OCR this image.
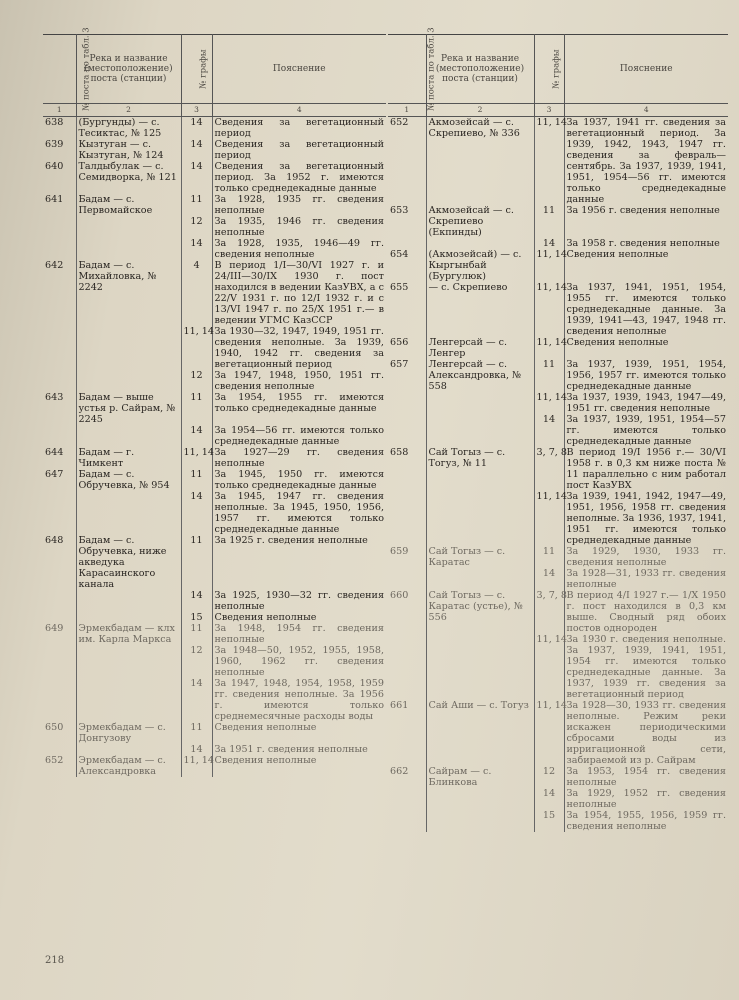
№ поста по табл. 3	Река и название (местоположение) поста (станции)	№ графы	Пояснение
1	2	3	4
638	(Бургунды) — с. Тесиктас, № 125	14	Сведения за вегетационный период
639	Кызтуган — с. Кызтуган, № 124	14	Сведения за вегетационный период
640	Талдыбулак — с. Семидворка, № 121	14	Сведения за вегетационный период. За 1952 г. имеются только среднедекадные данные
641	Бадам — с. Первомайское	11	За 1928, 1935 гг. сведения неполные
		12	За 1935, 1946 гг. сведения неполные
		14	За 1928, 1935, 1946—49 гг. сведения неполные
642	Бадам — с. Михайловка, № 2242	4	В период 1/I—30/VI 1927 г. и 24/III—30/IX 1930 г. пост находился в ведении КазУВХ, а с 22/V 1931 г. по 12/I 1932 г. и с 13/VI 1947 г. по 25/X 1951 г.— в ведении УГМС КазССР
		11, 14	За 1930—32, 1947, 1949, 1951 гг. сведения неполные. За 1939, 1940, 1942 гг. сведения за вегетационный период
		12	За 1947, 1948, 1950, 1951 гг. сведения неполные
643	Бадам — выше устья р. Сайрам, № 2245	11	За 1954, 1955 гг. имеются только среднедекадные данные
		14	За 1954—56 гг. имеются только среднедекадные данные
644	Бадам — г. Чимкент	11, 14	За 1927—29 гг. сведения неполные
647	Бадам — с. Обручевка, № 954	11	За 1945, 1950 гг. имеются только среднедекадные данные
		14	За 1945, 1947 гг. сведения неполные. За 1945, 1950, 1956, 1957 гг. имеются только среднедекадные данные
648	Бадам — с. Обручевка, ниже акведука Карасаинского канала	11	За 1925 г. сведения неполные
		14	За 1925, 1930—32 гг. сведения неполные
		15	Сведения неполные
649	Эрмекбадам — клх им. Карла Маркса	11	За 1948, 1954 гг. сведения неполные
		12	За 1948—50, 1952, 1955, 1958, 1960, 1962 гг. сведения неполные
		14	За 1947, 1948, 1954, 1958, 1959 гг. сведения неполные. За 1956 г. имеются только среднемесячные расходы воды
650	Эрмекбадам — с. Донгузову	11	Сведения неполные
		14	За 1951 г. сведения неполные
652	Эрмекбадам — с. Александровка	11, 14	Сведения неполные
№ поста по табл. 3	Река и название (местоположение) поста (станции)	№ графы	Пояснение
1	2	3	4
652	Акмозейсай — с. Скрепиево, № 336	11, 14	За 1937, 1941 гг. сведения за вегетационный период. За 1939, 1942, 1943, 1947 гг. сведения за февраль—сентябрь. За 1937, 1939, 1941, 1951, 1954—56 гг. имеются только среднедекадные данные
653	Акмозейсай — с. Скрепиево (Екпинды)	11	За 1956 г. сведения неполные
		14	За 1958 г. сведения неполные
654	(Акмозейсай) — с. Кыргынбай (Бургулюк)	11, 14	Сведения неполные
655	— с. Скрепиево	11, 14	За 1937, 1941, 1951, 1954, 1955 гг. имеются только среднедекадные данные. За 1939, 1941—43, 1947, 1948 гг. сведения неполные
656	Ленгерсай — с. Ленгер	11, 14	Сведения неполные
657	Ленгерсай — с. Александровка, № 558	11	За 1937, 1939, 1951, 1954, 1956, 1957 гг. имеются только среднедекадные данные
		11, 14	За 1937, 1939, 1943, 1947—49, 1951 гг. сведения неполные
		14	За 1937, 1939, 1951, 1954—57 гг. имеются только среднедекадные данные
658	Сай Тогыз — с. Тогуз, № 11	3, 7, 8	В период 19/I 1956 г.— 30/VI 1958 г. в 0,3 км ниже поста № 11 параллельно с ним работал пост КазУВХ
		11, 14	За 1939, 1941, 1942, 1947—49, 1951, 1956, 1958 гг. сведения неполные. За 1936, 1937, 1941, 1951 гг. имеются только среднедекадные данные
659	Сай Тогыз — с. Каратас	11	За 1929, 1930, 1933 гг. сведения неполные
		14	За 1928—31, 1933 гг. сведения неполные
660	Сай Тогыз — с. Каратас (устье), № 556	3, 7, 8	В период 4/I 1927 г.— 1/X 1950 г. пост находился в 0,3 км выше. Сводный ряд обоих постов однороден
		11, 14	За 1930 г. сведения неполные. За 1937, 1939, 1941, 1951, 1954 гг. имеются только среднедекадные данные. За 1937, 1939 гг. сведения за вегетационный период
661	Сай Аши — с. Тогуз	11, 14	За 1928—30, 1933 гг. сведения неполные. Режим реки искажен периодическими сбросами воды из ирригационной сети, забираемой из р. Сайрам
662	Сайрам — с. Блинкова	12	За 1953, 1954 гг. сведения неполные
		14	За 1929, 1952 гг. сведения неполные
		15	За 1954, 1955, 1956, 1959 гг. сведения неполные
218
